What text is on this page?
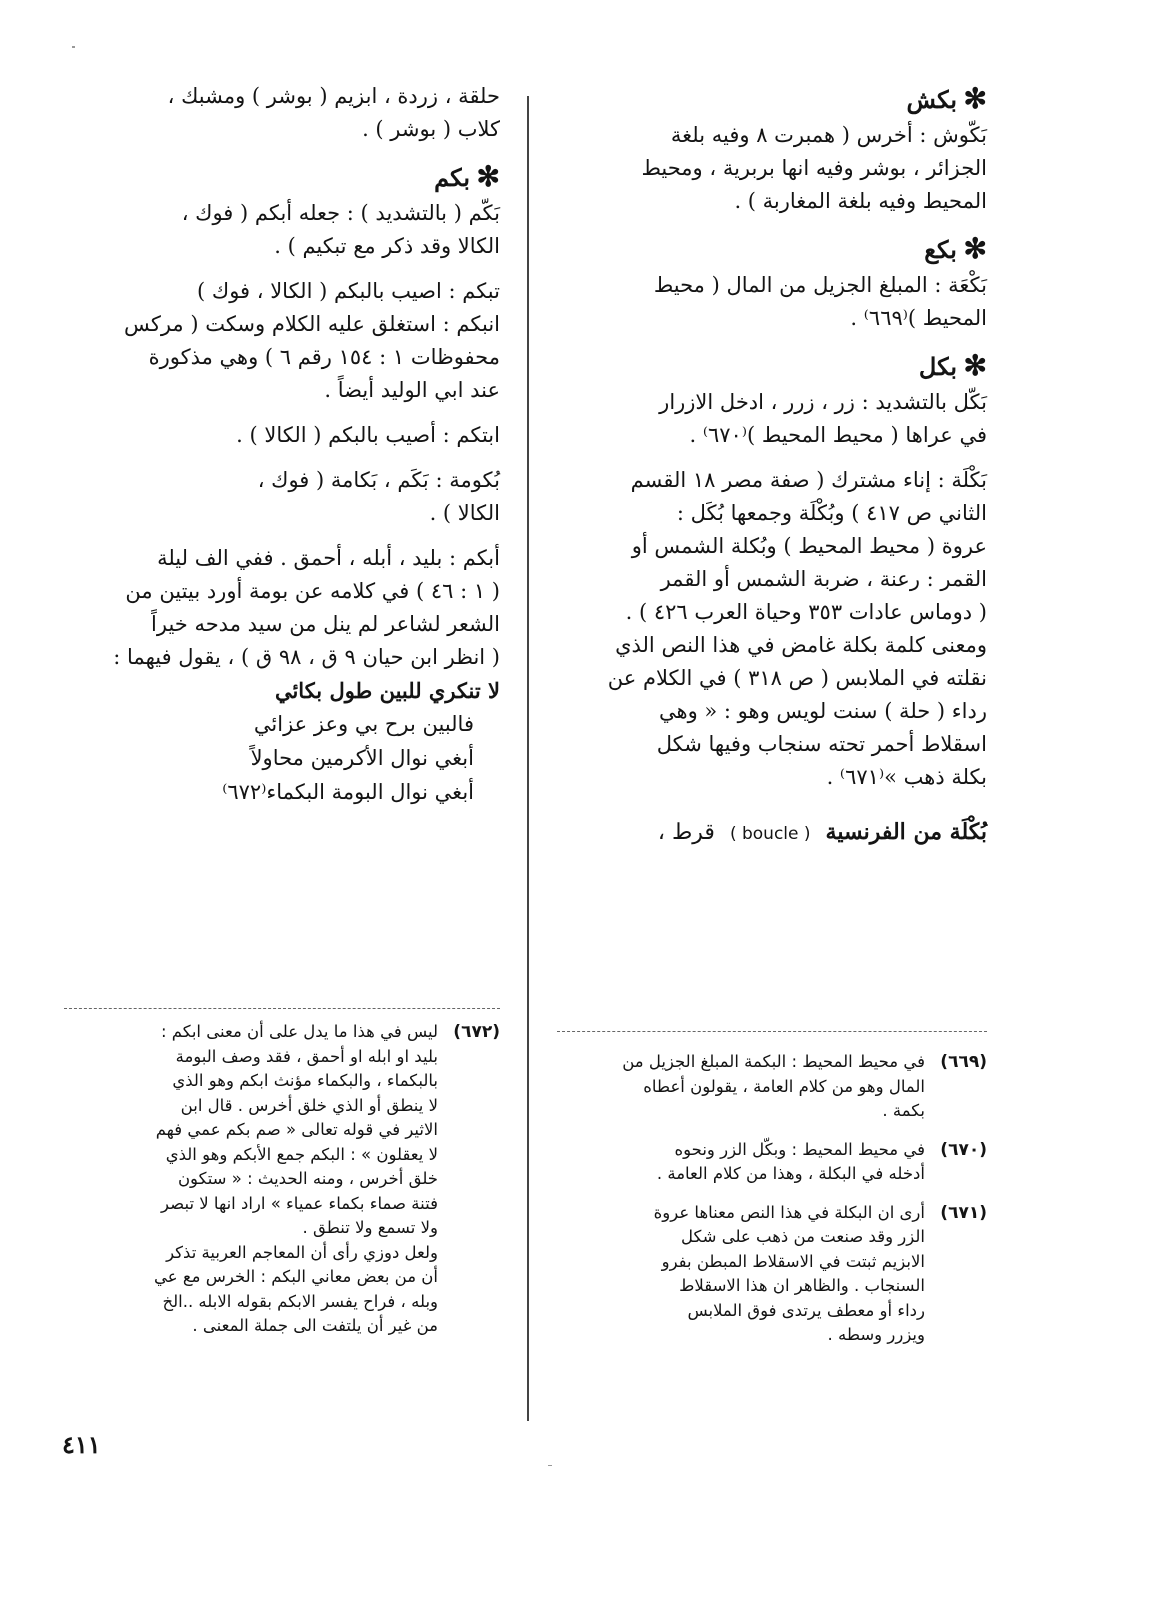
✻بكش

بَكّوش : أخرس ( همبرت ٨ وفيه بلغة

الجزائر ، بوشر وفيه انها بربرية ، ومحيط

المحيط وفيه بلغة المغاربة ) .

✻بكع

بَكْعَة : المبلغ الجزيل من المال ( محيط

المحيط )⁽٦٦٩⁾ .

✻بكل

بَكّل بالتشديد : زر ، زرر ، ادخل الازرار

في عراها ( محيط المحيط )⁽٦٧٠⁾ .

بَكْلَة : إناء مشترك ( صفة مصر ١٨ القسم

الثاني ص ٤١٧ ) وبُكْلَة وجمعها بُكَل :

عروة ( محيط المحيط ) وبُكلة الشمس أو

القمر : رعنة ، ضربة الشمس أو القمر

( دوماس عادات ٣٥٣ وحياة العرب ٤٢٦ ) .

ومعنى كلمة بكلة غامض في هذا النص الذي

نقلته في الملابس ( ص ٣١٨ ) في الكلام عن

رداء ( حلة ) سنت لويس وهو : « وهي

اسقلاط أحمر تحته سنجاب وفيها شكل

بكلة ذهب »⁽٦٧١⁾ .

بُكْلَة من الفرنسية ( boucle ) قرط ،

حلقة ، زردة ، ابزيم ( بوشر ) ومشبك ،

كلاب ( بوشر ) .

✻بكم

بَكّم ( بالتشديد ) : جعله أبكم ( فوك ،

الكالا وقد ذكر مع تبكيم ) .

تبكم : اصيب بالبكم ( الكالا ، فوك )

انبكم : استغلق عليه الكلام وسكت ( مركس

محفوظات ١ : ١٥٤ رقم ٦ ) وهي مذكورة

عند ابي الوليد أيضاً .

ابتكم : أصيب بالبكم ( الكالا ) .

بُكومة : بَكَم ، بَكامة ( فوك ،

الكالا ) .

أبكم : بليد ، أبله ، أحمق . ففي الف ليلة

( ١ : ٤٦ ) في كلامه عن بومة أورد بيتين من

الشعر لشاعر لم ينل من سيد مدحه خيراً

( انظر ابن حيان ٩ ق ، ٩٨ ق ) ، يقول فيهما :

لا تنكري للبين طول بكائي

فالبين برح بي وعز عزائي
أبغي نوال الأكرمين محاولاً
أبغي نوال البومة البكماء⁽٦٧٢⁾
(٦٦٩)

في محيط المحيط : البكمة المبلغ الجزيل من

المال وهو من كلام العامة ، يقولون أعطاه

بكمة .

(٦٧٠)

في محيط المحيط : وبكّل الزر ونحوه

أدخله في البكلة ، وهذا من كلام العامة .

(٦٧١)

أرى ان البكلة في هذا النص معناها عروة

الزر وقد صنعت من ذهب على شكل

الابزيم ثبتت في الاسقلاط المبطن بفرو

السنجاب . والظاهر ان هذا الاسقلاط

رداء أو معطف يرتدى فوق الملابس

ويزرر وسطه .

(٦٧٢)

ليس في هذا ما يدل على أن معنى ابكم :

بليد او ابله او أحمق ، فقد وصف البومة

بالبكماء ، والبكماء مؤنث ابكم وهو الذي

لا ينطق أو الذي خلق أخرس . قال ابن

الاثير في قوله تعالى « صم بكم عمي فهم

لا يعقلون » : البكم جمع الأبكم وهو الذي

خلق أخرس ، ومنه الحديث : « ستكون

فتنة صماء بكماء عمياء » اراد انها لا تبصر

ولا تسمع ولا تنطق .

ولعل دوزي رأى أن المعاجم العربية تذكر

أن من بعض معاني البكم : الخرس مع عي

وبله ، فراح يفسر الابكم بقوله الابله ..الخ

من غير أن يلتفت الى جملة المعنى .

٤١١
